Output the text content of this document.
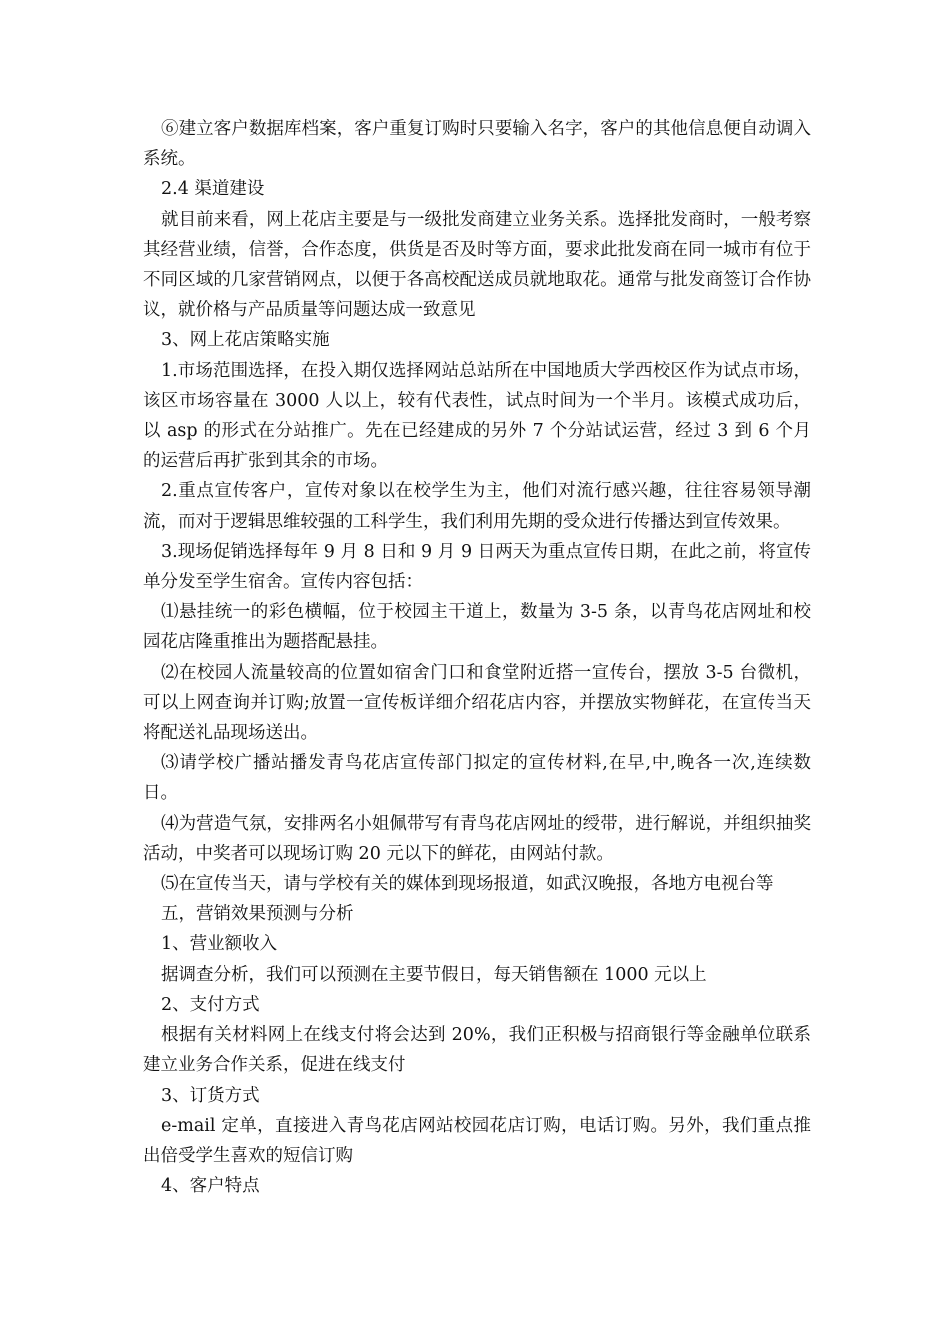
⑥建立客户数据库档案，客户重复订购时只要输入名字，客户的其他信息便自动调入系统。

2.4 渠道建设

就目前来看，网上花店主要是与一级批发商建立业务关系。选择批发商时，一般考察其经营业绩，信誉，合作态度，供货是否及时等方面，要求此批发商在同一城市有位于不同区域的几家营销网点，以便于各高校配送成员就地取花。通常与批发商签订合作协议，就价格与产品质量等问题达成一致意见

3、网上花店策略实施

1.市场范围选择，在投入期仅选择网站总站所在中国地质大学西校区作为试点市场，该区市场容量在 3000 人以上，较有代表性，试点时间为一个半月。该模式成功后，以 asp 的形式在分站推广。先在已经建成的另外 7 个分站试运营，经过 3 到 6 个月的运营后再扩张到其余的市场。

2.重点宣传客户，宣传对象以在校学生为主，他们对流行感兴趣，往往容易领导潮流，而对于逻辑思维较强的工科学生，我们利用先期的受众进行传播达到宣传效果。

3.现场促销选择每年 9 月 8 日和 9 月 9 日两天为重点宣传日期，在此之前，将宣传单分发至学生宿舍。宣传内容包括：

⑴悬挂统一的彩色横幅，位于校园主干道上，数量为 3-5 条，以青鸟花店网址和校园花店隆重推出为题搭配悬挂。

⑵在校园人流量较高的位置如宿舍门口和食堂附近搭一宣传台，摆放 3-5 台微机，可以上网查询并订购;放置一宣传板详细介绍花店内容，并摆放实物鲜花，在宣传当天将配送礼品现场送出。

⑶请学校广播站播发青鸟花店宣传部门拟定的宣传材料,在早,中,晚各一次,连续数日。

⑷为营造气氛，安排两名小姐佩带写有青鸟花店网址的绶带，进行解说，并组织抽奖活动，中奖者可以现场订购 20 元以下的鲜花，由网站付款。

⑸在宣传当天，请与学校有关的媒体到现场报道，如武汉晚报，各地方电视台等

五，营销效果预测与分析

1、营业额收入

据调查分析，我们可以预测在主要节假日，每天销售额在 1000 元以上

2、支付方式

根据有关材料网上在线支付将会达到 20%，我们正积极与招商银行等金融单位联系建立业务合作关系，促进在线支付

3、订货方式

e-mail 定单，直接进入青鸟花店网站校园花店订购，电话订购。另外，我们重点推出倍受学生喜欢的短信订购

4、客户特点
